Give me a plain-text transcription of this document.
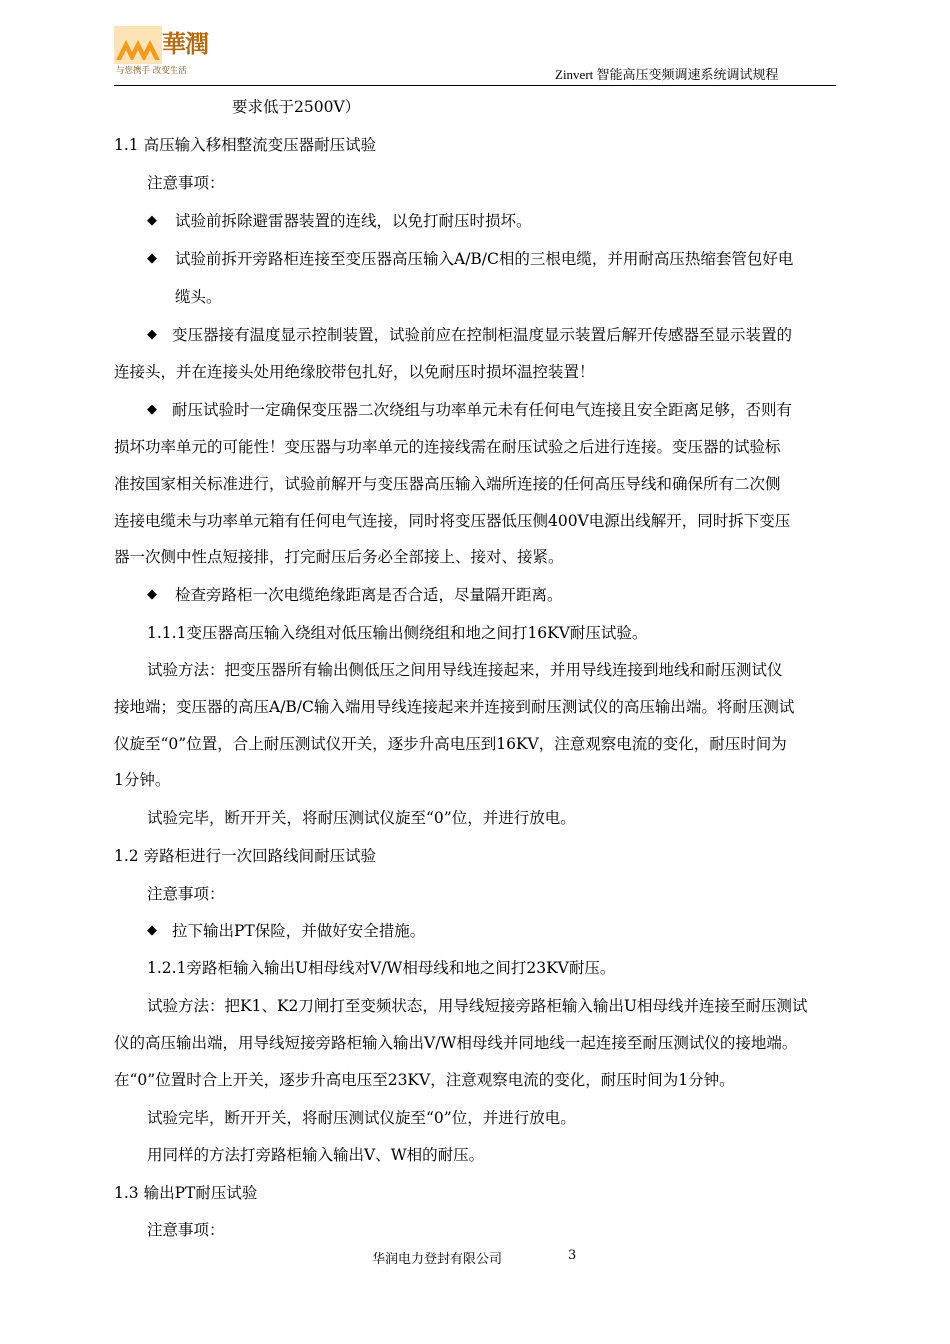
華潤
与您携手 改变生活	Zinvert 智能高压变频调速系统调试规程
要求低于2500V）
1.1 高压输入移相整流变压器耐压试验
注意事项：
◆ 试验前拆除避雷器装置的连线，以免打耐压时损坏。
◆ 试验前拆开旁路柜连接至变压器高压输入A/B/C相的三根电缆，并用耐高压热缩套管包好电
缆头。
◆ 变压器接有温度显示控制装置，试验前应在控制柜温度显示装置后解开传感器至显示装置的
连接头，并在连接头处用绝缘胶带包扎好，以免耐压时损坏温控装置！
◆ 耐压试验时一定确保变压器二次绕组与功率单元未有任何电气连接且安全距离足够，否则有
损坏功率单元的可能性！变压器与功率单元的连接线需在耐压试验之后进行连接。变压器的试验标
准按国家相关标准进行，试验前解开与变压器高压输入端所连接的任何高压导线和确保所有二次侧
连接电缆未与功率单元箱有任何电气连接，同时将变压器低压侧400V电源出线解开，同时拆下变压
器一次侧中性点短接排，打完耐压后务必全部接上、接对、接紧。
◆ 检查旁路柜一次电缆绝缘距离是否合适，尽量隔开距离。
1.1.1变压器高压输入绕组对低压输出侧绕组和地之间打16KV耐压试验。
试验方法：把变压器所有输出侧低压之间用导线连接起来，并用导线连接到地线和耐压测试仪
接地端；变压器的高压A/B/C输入端用导线连接起来并连接到耐压测试仪的高压输出端。将耐压测试
仪旋至“0”位置，合上耐压测试仪开关，逐步升高电压到16KV，注意观察电流的变化，耐压时间为
1分钟。
试验完毕，断开开关，将耐压测试仪旋至“0”位，并进行放电。
1.2 旁路柜进行一次回路线间耐压试验
注意事项：
◆ 拉下输出PT保险，并做好安全措施。
1.2.1旁路柜输入输出U相母线对V/W相母线和地之间打23KV耐压。
试验方法：把K1、K2刀闸打至变频状态，用导线短接旁路柜输入输出U相母线并连接至耐压测试
仪的高压输出端，用导线短接旁路柜输入输出V/W相母线并同地线一起连接至耐压测试仪的接地端。
在“0”位置时合上开关，逐步升高电压至23KV，注意观察电流的变化，耐压时间为1分钟。
试验完毕，断开开关，将耐压测试仪旋至“0”位，并进行放电。
用同样的方法打旁路柜输入输出V、W相的耐压。
1.3 输出PT耐压试验
注意事项：
华润电力登封有限公司	3
